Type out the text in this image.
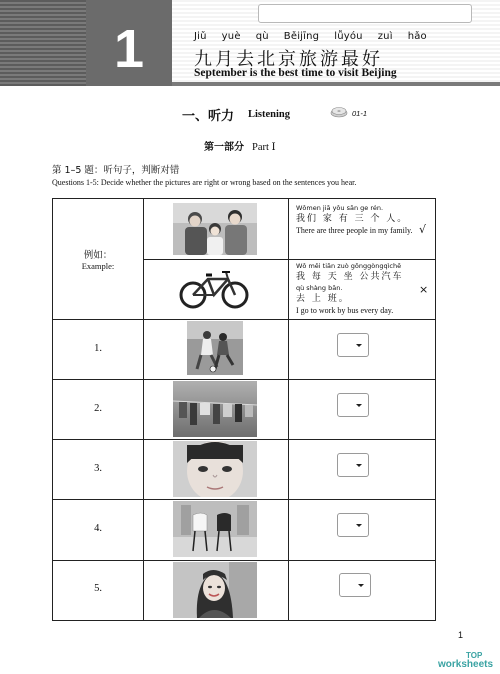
1	Jiǔ yuè qù Běijīng lǚyóu zuì hǎo
九月去北京旅游最好
September is the best time to visit Beijing
一、听力 Listening	01-1
第一部分 Part Ⅰ
第 1–5 题：听句子，判断对错
Questions 1-5: Decide whether the pictures are right or wrong based on the sentences you hear.
例如：
Example:
Wǒmen jiā yǒu sān ge rén.
我们 家 有 三 个 人。
There are three people in my family. √
Wǒ měi tiān zuò gōnggòngqìchē
我 每 天 坐 公共汽车
qù shàng bān.
去 上 班。
I go to work by bus every day.
×
1.
2.
3.
4.
5.
1
TOP
worksheets
